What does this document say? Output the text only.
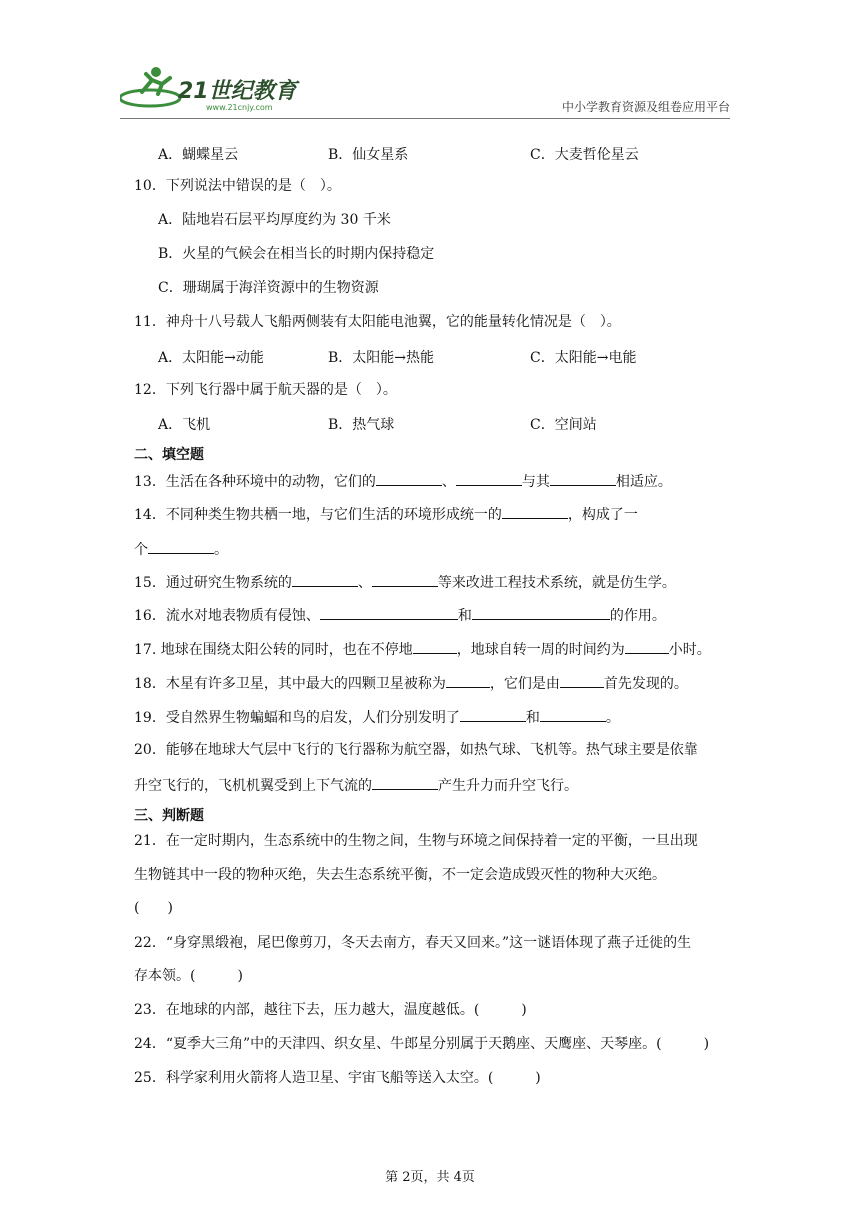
21世纪教育
www.21cnjy.com	中小学教育资源及组卷应用平台
A．蝴蝶星云	B．仙女星系	C．大麦哲伦星云
10．下列说法中错误的是（　）。
A．陆地岩石层平均厚度约为 30 千米
B．火星的气候会在相当长的时期内保持稳定
C．珊瑚属于海洋资源中的生物资源
11．神舟十八号载人飞船两侧装有太阳能电池翼，它的能量转化情况是（　）。
A．太阳能→动能	B．太阳能→热能	C．太阳能→电能
12．下列飞行器中属于航天器的是（　）。
A．飞机	B．热气球	C．空间站
二、填空题
13．生活在各种环境中的动物，它们的	、	与其	相适应。
14．不同种类生物共栖一地，与它们生活的环境形成统一的	，构成了一
个	。
15．通过研究生物系统的	、	等来改进工程技术系统，就是仿生学。
16．流水对地表物质有侵蚀、	和	的作用。
17. 地球在围绕太阳公转的同时，也在不停地	，地球自转一周的时间约为	小时。
18．木星有许多卫星，其中最大的四颗卫星被称为	，它们是由	首先发现的。
19．受自然界生物蝙蝠和鸟的启发，人们分别发明了	和	。
20．能够在地球大气层中飞行的飞行器称为航空器，如热气球、飞机等。热气球主要是依靠
升空飞行的，飞机机翼受到上下气流的	产生升力而升空飞行。
三、判断题
21．在一定时期内，生态系统中的生物之间，生物与环境之间保持着一定的平衡，一旦出现
生物链其中一段的物种灭绝，失去生态系统平衡，不一定会造成毁灭性的物种大灭绝。
(　　)
22．“身穿黑缎袍，尾巴像剪刀，冬天去南方，春天又回来。”这一谜语体现了燕子迁徙的生
存本领。(　　　)
23．在地球的内部，越往下去，压力越大，温度越低。(　　　)
24．“夏季大三角”中的天津四、织女星、牛郎星分别属于天鹅座、天鹰座、天琴座。(　　　)
25．科学家利用火箭将人造卫星、宇宙飞船等送入太空。(　　　)
第 2页，共 4页
